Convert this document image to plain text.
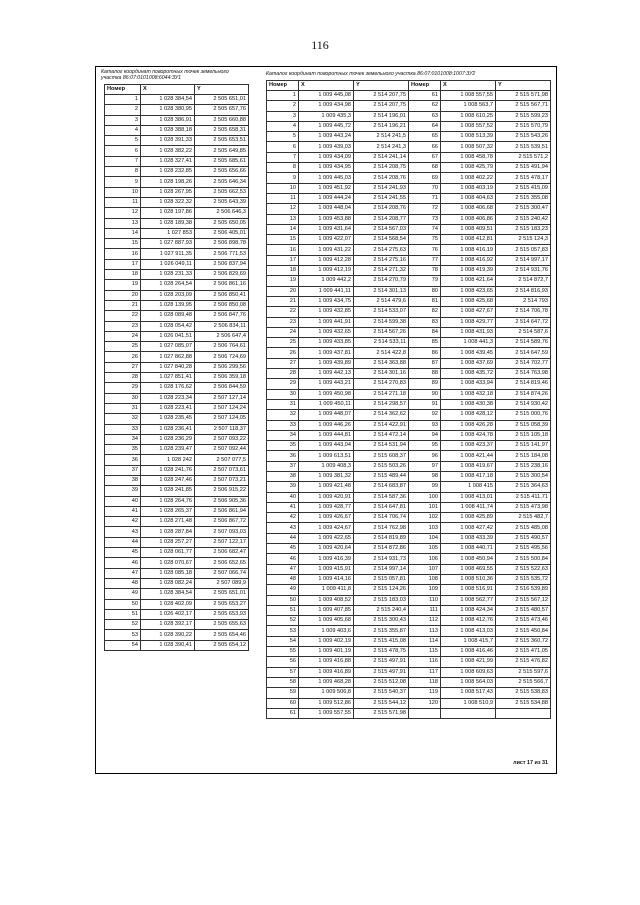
116
Каталог координат поворотных точек земельного участка 86:07:0101008:6044:ЗУ1
Каталог координат поворотных точек земельного участка 86:07:0101008:1007:ЗУ2
Номер	X	Y
1	1 028 384,54	2 505 651,01
2	1 028 380,95	2 505 657,76
3	1 028 386,91	2 505 660,88
4	1 028 388,18	2 505 658,31
5	1 028 391,33	2 505 653,51
6	1 028 382,22	2 505 649,85
7	1 028 327,41	2 505 685,61
8	1 028 232,85	2 505 656,66
9	1 028 198,26	2 505 646,34
10	1 028 267,95	2 505 662,53
11	1 028 322,32	2 505 643,39
12	1 028 197,86	2 506 646,3
13	1 028 189,38	2 505 650,05
14	1 027 853	2 506 405,01
15	1 027 887,93	2 506 898,78
16	1 027 911,35	2 506 771,53
17	1 026 049,11	2 506 837,94
18	1 028 231,33	2 506 829,69
19	1 028 264,54	2 506 861,16
20	1 028 203,09	2 506 850,41
21	1 028 139,95	2 506 850,08
22	1 028 089,48	2 506 847,76
23	1 028 054,42	2 506 834,11
24	1 026 041,51	2 506 647,4
25	1 027 085,07	2 506 764,61
26	1 027 862,88	2 506 724,69
27	1 027 840,28	2 506 299,56
28	1 027 851,41	2 506 359,18
29	1 028 176,62	2 506 844,59
30	1 028 223,34	2 507 127,14
31	1 028 223,41	2 507 124,24
32	1 028 235,45	2 507 124,05
33	1 028 236,41	2 507 118,37
34	1 028 236,29	2 507 093,22
35	1 028 239,47	2 507 092,44
36	1 028 242	2 507 077,5
37	1 028 241,76	2 507 073,61
38	1 028 247,46	2 507 073,21
39	1 028 241,85	2 506 915,22
40	1 028 264,76	2 506 905,36
41	1 028 265,37	2 506 861,94
42	1 028 271,48	2 506 867,72
43	1 028 287,84	2 507 093,03
44	1 028 257,27	2 507 122,17
45	1 028 061,77	2 506 682,47
46	1 028 070,67	2 506 652,65
47	1 028 085,18	2 507 066,74
48	1 028 082,24	2 507 089,9
49	1 028 384,54	2 505 651,01
50	1 028 402,09	2 505 653,27
51	1 026 402,17	2 505 653,93
52	1 028 392,17	2 505 655,63
53	1 028 390,22	2 505 654,46
54	1 028 390,41	2 505 654,12
Номер	X	Y	Номер	X	Y
1	1 009 445,08	2 514 207,75	61	1 008 557,55	2 515 571,98
2	1 009 434,98	2 514 207,75	62	1 008 563,7	2 515 567,71
3	1 009 435,3	2 514 196,01	63	1 008 610,25	2 515 599,23
4	1 009 445,72	2 514 196,21	64	1 008 557,52	2 515 570,79
5	1 009 443,24	2 514 241,5	65	1 008 513,39	2 515 543,26
6	1 009 439,03	2 514 241,3	66	1 008 507,32	2 515 539,51
7	1 009 434,09	2 514 241,14	67	1 008 458,78	2 515 571,2
8	1 009 434,95	2 514 208,75	68	1 008 425,79	2 515 491,94
9	1 009 445,03	2 514 208,76	69	1 008 402,22	2 515 478,17
10	1 009 451,92	2 514 241,93	70	1 008 403,19	2 515 415,09
11	1 009 444,24	2 514 241,55	71	1 008 404,63	2 515 355,08
12	1 009 448,04	2 514 208,76	72	1 008 406,68	2 515 300,47
13	1 009 453,88	2 514 208,77	73	1 008 406,86	2 515 240,42
14	1 009 431,64	2 514 567,03	74	1 008 409,51	2 515 183,23
15	1 009 422,07	2 514 568,54	75	1 008 412,81	2 515 124,3
16	1 009 431,22	2 514 275,63	76	1 008 416,19	2 515 057,83
17	1 009 412,28	2 514 275,16	77	1 008 416,92	2 514 997,17
18	1 009 412,19	2 514 271,32	78	1 008 419,39	2 514 931,76
19	1 009 442,2	2 514 270,79	79	1 008 421,64	2 514 872,7
20	1 009 441,11	2 514 301,13	80	1 008 423,65	2 514 816,93
21	1 009 434,75	2 514 479,6	81	1 008 425,68	2 514 793
22	1 009 432,85	2 514 533,07	82	1 008 427,67	2 514 706,78
23	1 009 441,91	2 514 599,38	83	1 008 429,77	2 514 647,72
24	1 009 432,65	2 514 567,26	84	1 008 431,93	2 514 587,6
25	1 009 433,85	2 514 533,11	85	1 008 441,3	2 514 589,76
26	1 009 437,81	2 514 422,8	86	1 008 439,45	2 514 647,59
27	1 009 439,89	2 514 363,88	87	1 008 437,69	2 514 702,77
28	1 009 442,13	2 514 301,16	88	1 008 435,72	2 514 763,98
29	1 009 443,21	2 514 270,83	89	1 008 433,94	2 514 819,46
30	1 009 450,98	2 514 271,18	90	1 008 432,18	2 514 874,26
31	1 009 450,11	2 514 298,57	91	1 008 430,38	2 514 930,42
32	1 009 448,07	2 514 362,62	92	1 008 428,12	2 515 000,76
33	1 009 446,26	2 514 422,91	93	1 008 426,28	2 515 058,39
34	1 009 444,81	2 514 472,14	94	1 008 424,78	2 515 105,18
35	1 009 443,04	2 514 531,94	95	1 008 423,37	2 515 141,97
36	1 009 613,51	2 515 608,37	96	1 008 421,44	2 515 184,08
37	1 009 408,3	2 515 503,26	97	1 008 419,67	2 515 238,16
38	1 009 381,32	2 515 489,44	98	1 008 417,18	2 515 300,54
39	1 009 421,48	2 514 683,87	99	1 008 415	2 515 364,63
40	1 009 420,91	2 514 587,36	100	1 008 413,01	2 515 411,71
41	1 009 428,77	2 514 647,81	101	1 008 411,74	2 515 473,98
42	1 009 426,67	2 514 706,74	102	1 008 425,89	2 515 482,7
43	1 009 424,67	2 514 762,98	103	1 008 427,42	2 515 485,08
44	1 009 422,65	2 514 819,89	104	1 008 433,39	2 515 490,57
45	1 009 420,64	2 514 872,86	105	1 008 440,71	2 515 495,56
46	1 009 416,39	2 514 931,73	106	1 008 450,94	2 515 500,84
47	1 009 415,91	2 514 997,14	107	1 008 469,55	2 515 522,63
48	1 009 414,16	2 515 057,81	108	1 008 510,36	2 515 535,72
49	1 009 411,8	2 515 124,26	109	1 008 516,91	2 516 539,89
50	1 009 408,52	2 515 183,03	110	1 008 562,77	2 515 567,12
51	1 009 407,85	2 515 240,4	111	1 008 424,34	2 515 480,57
52	1 009 405,68	2 515 300,43	112	1 008 412,76	2 515 473,46
53	1 009 403,6	2 515 355,87	113	1 008 413,03	2 515 450,84
54	1 009 402,19	2 515 415,08	114	1 008 415,7	2 515 360,72
55	1 009 401,19	2 515 478,75	115	1 008 416,46	2 515 471,05
56	1 009 416,88	2 515 497,91	116	1 008 421,99	2 515 476,82
57	1 009 416,89	2 515 497,91	117	1 008 609,63	2 515 597,6
58	1 009 468,28	2 515 512,08	118	1 008 564,03	2 515 566,7
59	1 009 506,8	2 515 540,37	119	1 008 517,43	2 515 538,83
60	1 009 512,86	2 515 544,12	120	1 008 510,9	2 515 534,88
61	1 009 557,55	2 515 571,98			
лист 17 из 31
